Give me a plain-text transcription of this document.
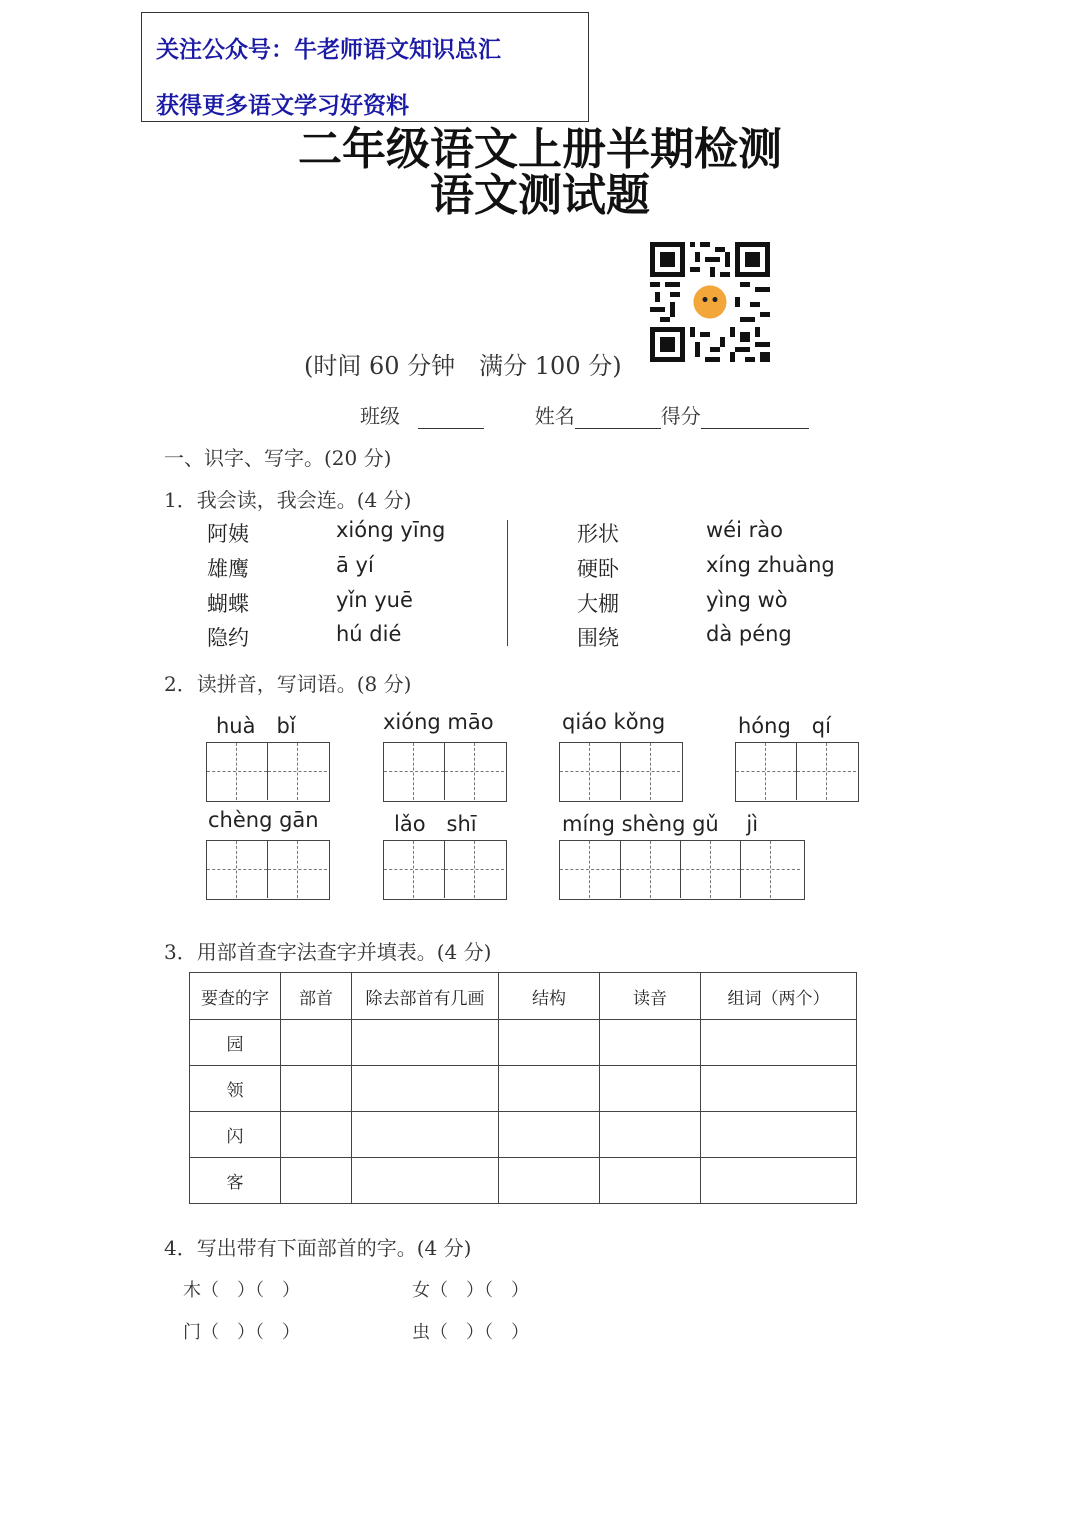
关注公众号：牛老师语文知识总汇
获得更多语文学习好资料
二年级语文上册半期检测
语文测试题
(时间 60 分钟　满分 100 分)
班级	姓名	得分
一、识字、写字。(20 分)
1．我会读，我会连。(4 分)
阿姨
雄鹰
蝴蝶
隐约
xióng yīng
ā yí
yǐn yuē
hú dié
形状
硬卧
大棚
围绕
wéi rào
xíng zhuàng
yìng wò
dà péng
2．读拼音，写词语。(8 分)
huà　bǐ	xióng māo	qiáo kǒng	hóng　qí
chèng gān	lǎo　shī	míng shèng gǔ　 jì
3．用部首查字法查字并填表。(4 分)
要查的字	部首	除去部首有几画	结构	读音	组词（两个）
园					
领					
闪					
客					
4．写出带有下面部首的字。(4 分)
木（　）（　）	女（　）（　）
门（　）（　）	虫（　）（　）
